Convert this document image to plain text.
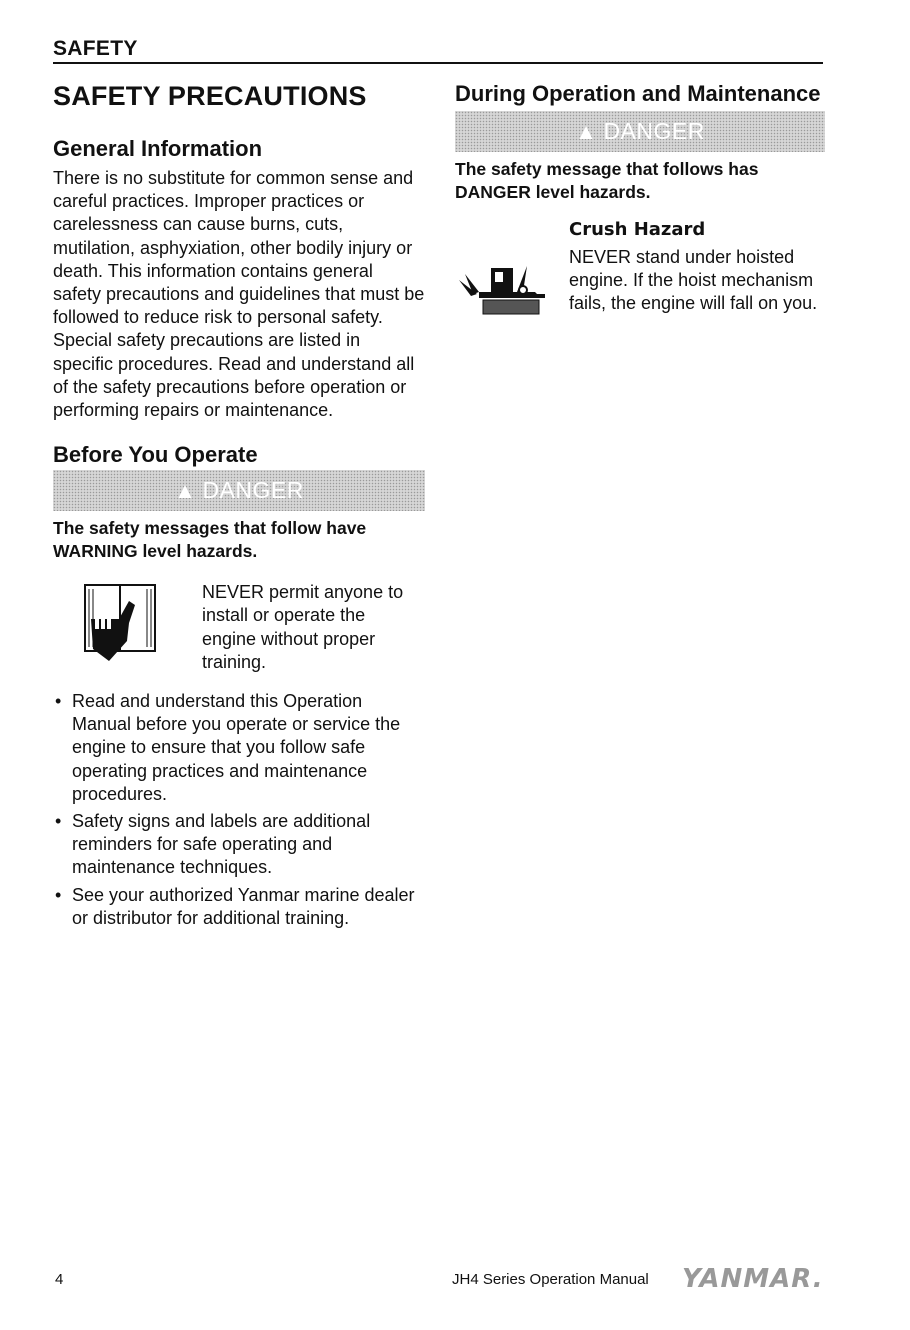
SAFETY
SAFETY PRECAUTIONS
General Information

There is no substitute for common sense and careful practices. Improper practices or carelessness can cause burns, cuts, mutilation, asphyxiation, other bodily injury or death. This information contains general safety precautions and guidelines that must be followed to reduce risk to personal safety. Special safety precautions are listed in specific procedures. Read and understand all of the safety precautions before operation or performing repairs or maintenance.

Before You Operate
▲ DANGER
The safety messages that follow have WARNING level hazards.

NEVER permit anyone to install or operate the engine without proper training.

• Read and understand this Operation Manual before you operate or service the engine to ensure that you follow safe operating practices and maintenance procedures.
• Safety signs and labels are additional reminders for safe operating and maintenance techniques.
• See your authorized Yanmar marine dealer or distributor for additional training.
During Operation and Maintenance
▲ DANGER
The safety message that follows has DANGER level hazards.
Crush Hazard

NEVER stand under hoisted engine. If the hoist mechanism fails, the engine will fall on you.

4	JH4 Series Operation Manual YANMAR.
